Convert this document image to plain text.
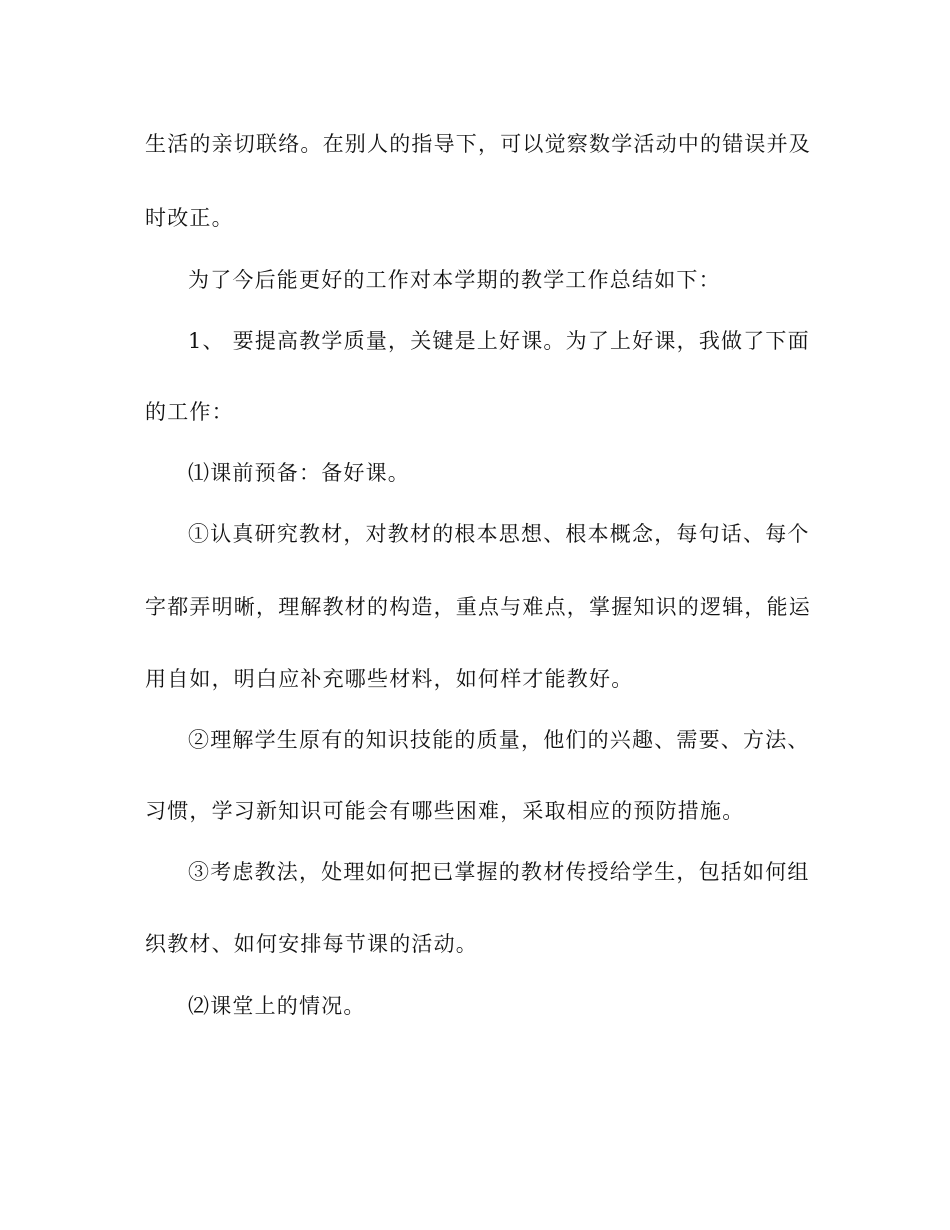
生活的亲切联络。在别人的指导下，可以觉察数学活动中的错误并及
时改正。
为了今后能更好的工作对本学期的教学工作总结如下：
1、 要提高教学质量，关键是上好课。为了上好课，我做了下面
的工作：
⑴课前预备：备好课。
①认真研究教材，对教材的根本思想、根本概念，每句话、每个
字都弄明晰，理解教材的构造，重点与难点，掌握知识的逻辑，能运
用自如，明白应补充哪些材料，如何样才能教好。
②理解学生原有的知识技能的质量，他们的兴趣、需要、方法、
习惯，学习新知识可能会有哪些困难，采取相应的预防措施。
③考虑教法，处理如何把已掌握的教材传授给学生，包括如何组
织教材、如何安排每节课的活动。
⑵课堂上的情况。
